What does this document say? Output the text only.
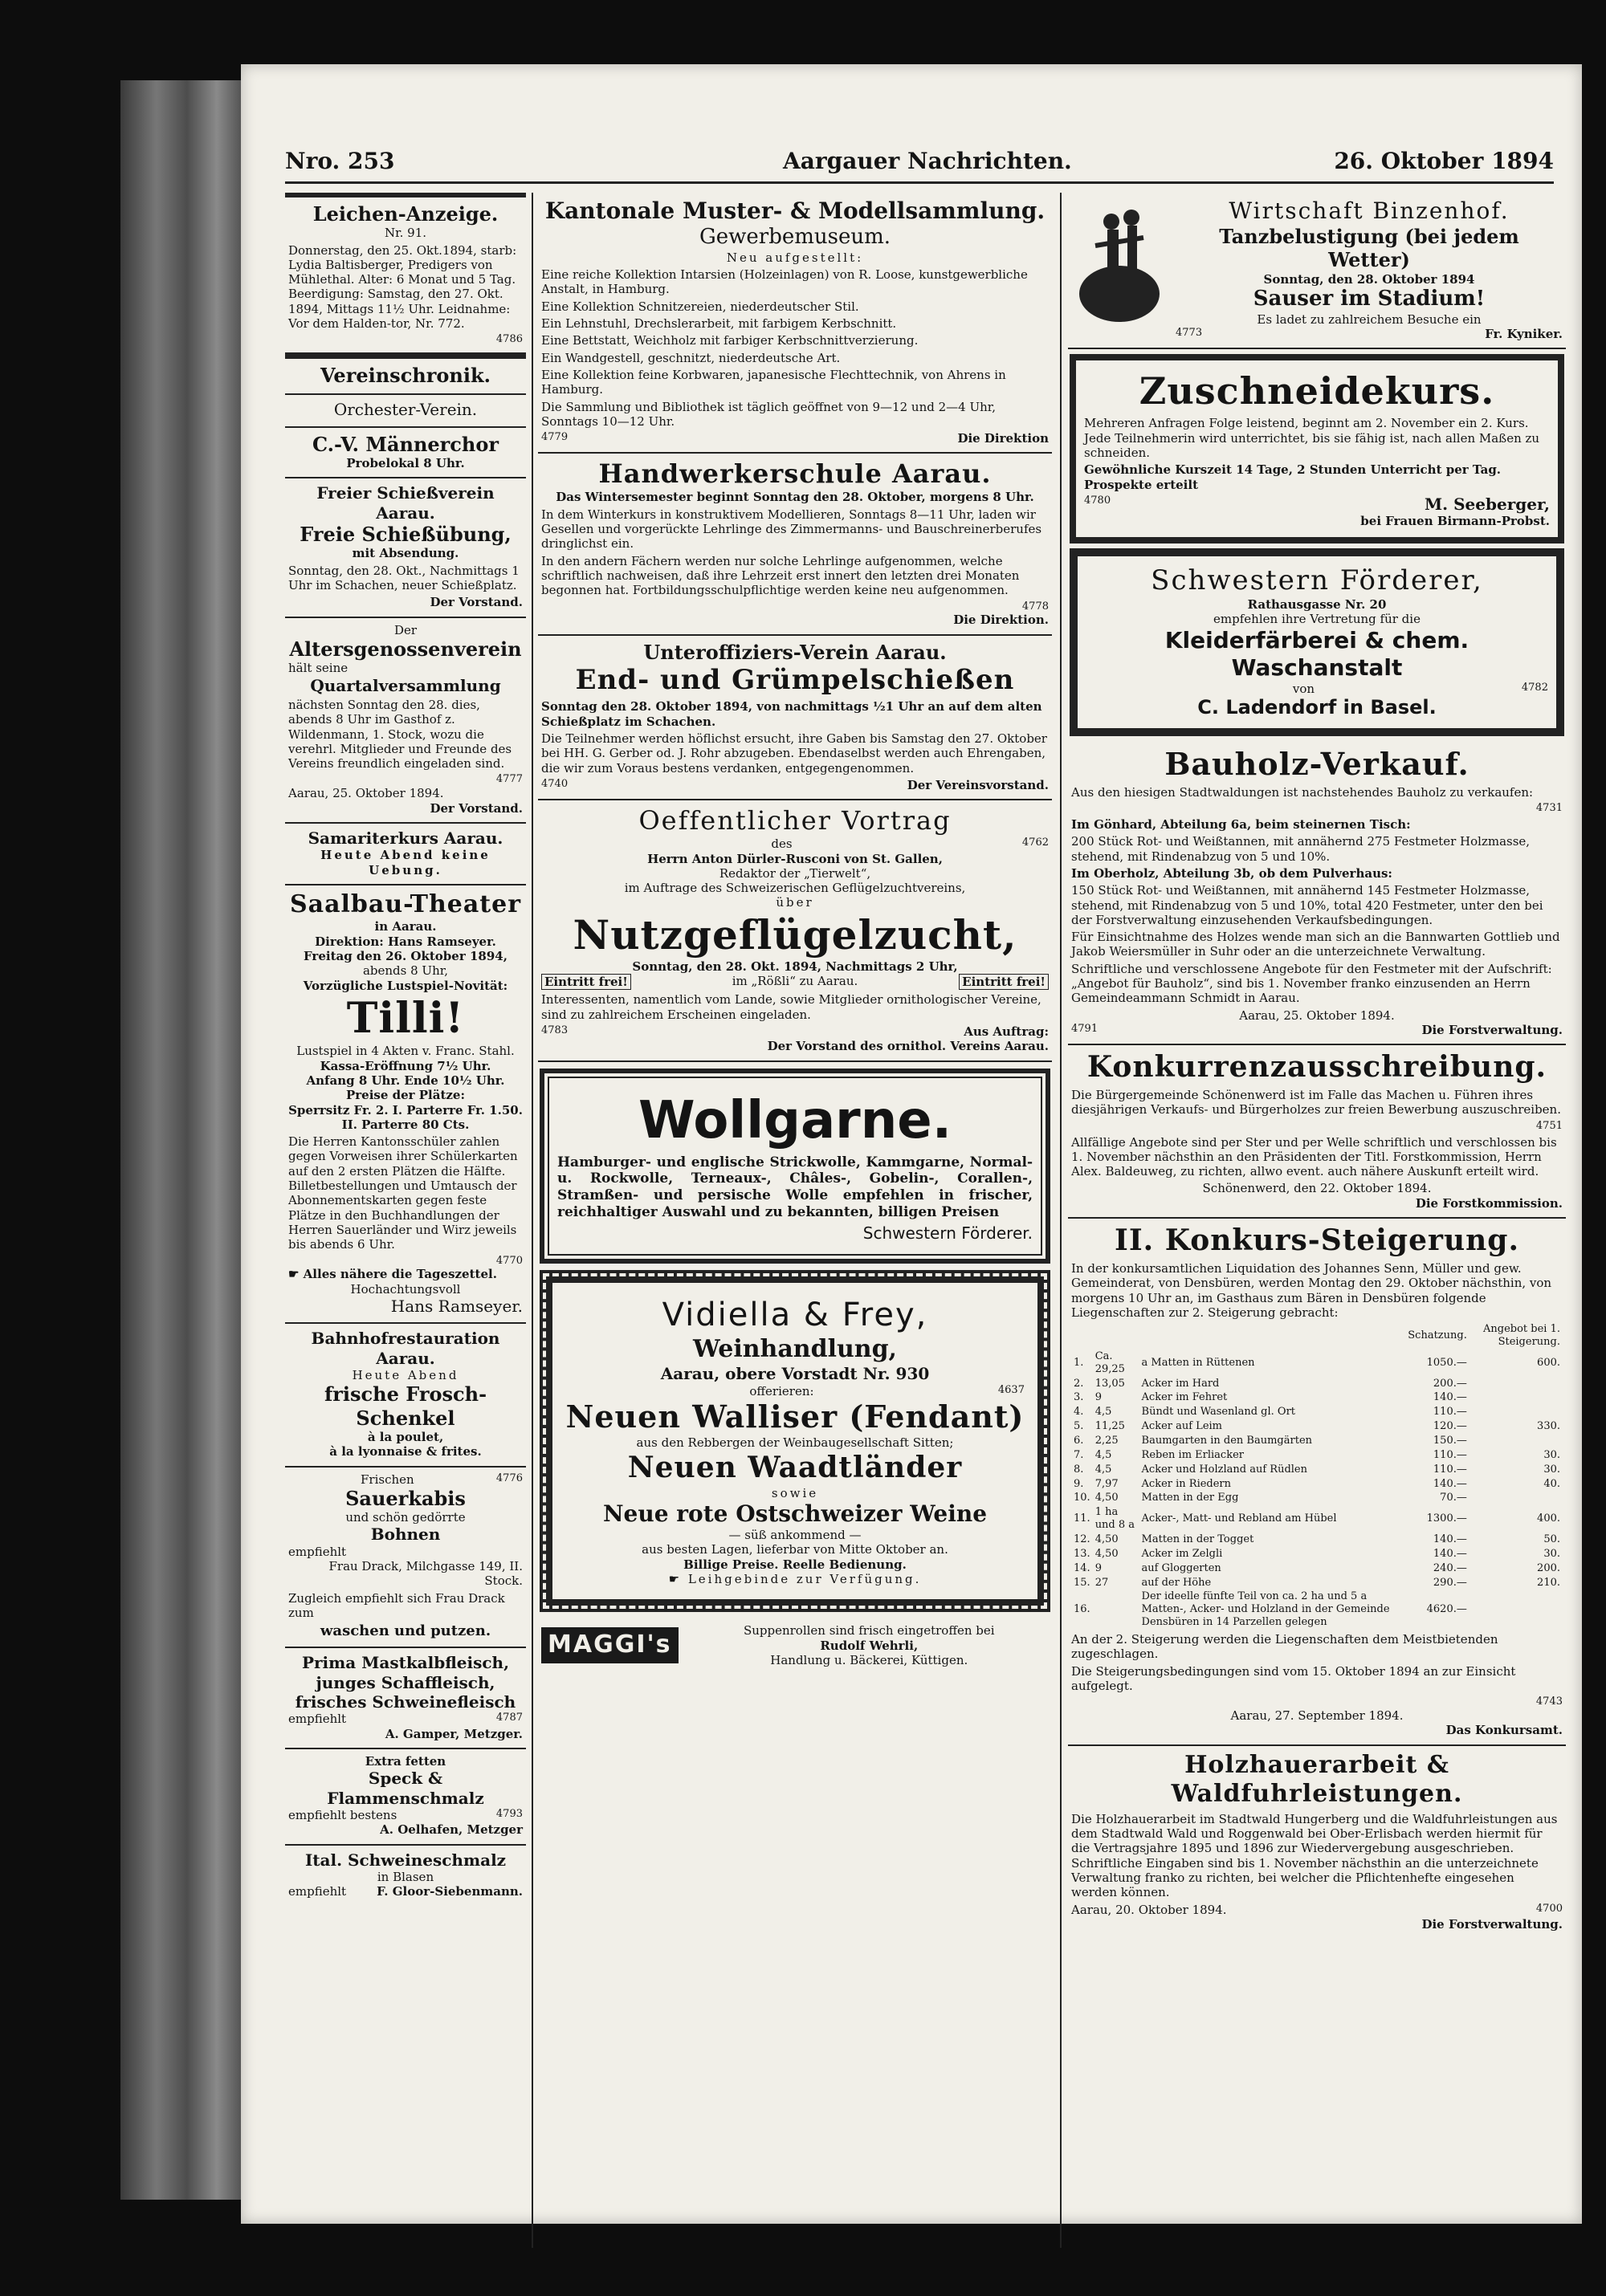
Nro. 253	Aargauer Nachrichten.	26. Oktober 1894
Leichen-Anzeige.
Nr. 91.

Donnerstag, den 25. Okt.1894, starb: Lydia Baltisberger, Predigers von Mühlethal. Alter: 6 Monat und 5 Tag. Beerdigung: Samstag, den 27. Okt. 1894, Mittags 11½ Uhr. Leidnahme: Vor dem Halden-tor, Nr. 772.

4786
Vereinschronik.
Orchester-Verein.
C.-V. Männerchor
Probelokal 8 Uhr.
Freier Schießverein Aarau.
Freie Schießübung,
mit Absendung.

Sonntag, den 28. Okt., Nachmittags 1 Uhr im Schachen, neuer Schießplatz.

Der Vorstand.
Der
Altersgenossenverein
hält seine
Quartalversammlung

nächsten Sonntag den 28. dies, abends 8 Uhr im Gasthof z. Wildenmann, 1. Stock, wozu die verehrl. Mitglieder und Freunde des Vereins freundlich eingeladen sind.

4777
Aarau, 25. Oktober 1894.
Der Vorstand.
Samariterkurs Aarau.
Heute Abend keine Uebung.
Saalbau-Theater
in Aarau.
Direktion: Hans Ramseyer.
Freitag den 26. Oktober 1894,
abends 8 Uhr,
Vorzügliche Lustspiel-Novität:
Tilli!
Lustspiel in 4 Akten v. Franc. Stahl.
Kassa-Eröffnung 7½ Uhr.
Anfang 8 Uhr. Ende 10½ Uhr.
Preise der Plätze:
Sperrsitz Fr. 2. I. Parterre Fr. 1.50.
II. Parterre 80 Cts.

Die Herren Kantonsschüler zahlen gegen Vorweisen ihrer Schülerkarten auf den 2 ersten Plätzen die Hälfte. Billetbestellungen und Umtausch der Abonnementskarten gegen feste Plätze in den Buchhandlungen der Herren Sauerländer und Wirz jeweils bis abends 6 Uhr.

4770
☛ Alles nähere die Tageszettel.
Hochachtungsvoll
Hans Ramseyer.
Bahnhofrestauration Aarau.
Heute Abend
frische Frosch-Schenkel
à la poulet,
à la lyonnaise & frites.
Frischen	4776
Sauerkabis
und schön gedörrte
Bohnen
empfiehlt
Frau Drack, Milchgasse 149, II. Stock.

Zugleich empfiehlt sich Frau Drack zum

waschen und putzen.
Prima Mastkalbfleisch,
junges Schaffleisch,
frisches Schweinefleisch
empfiehlt	4787
A. Gamper, Metzger.
Extra fetten
Speck & Flammenschmalz
empfiehlt bestens	4793
A. Oelhafen, Metzger
Ital. Schweineschmalz
in Blasen
empfiehlt	F. Gloor-Siebenmann.
Kantonale Muster- & Modellsammlung.
Gewerbemuseum.
Neu aufgestellt:

Eine reiche Kollektion Intarsien (Holzeinlagen) von R. Loose, kunstgewerbliche Anstalt, in Hamburg.

Eine Kollektion Schnitzereien, niederdeutscher Stil.

Ein Lehnstuhl, Drechslerarbeit, mit farbigem Kerbschnitt.

Eine Bettstatt, Weichholz mit farbiger Kerbschnittverzierung.

Ein Wandgestell, geschnitzt, niederdeutsche Art.

Eine Kollektion feine Korbwaren, japanesische Flechttechnik, von Ahrens in Hamburg.

Die Sammlung und Bibliothek ist täglich geöffnet von 9—12 und 2—4 Uhr, Sonntags 10—12 Uhr.

4779	Die Direktion
Handwerkerschule Aarau.
Das Wintersemester beginnt Sonntag den 28. Oktober, morgens 8 Uhr.

In dem Winterkurs in konstruktivem Modellieren, Sonntags 8—11 Uhr, laden wir Gesellen und vorgerückte Lehrlinge des Zimmermanns- und Bauschreinerberufes dringlichst ein.

In den andern Fächern werden nur solche Lehrlinge aufgenommen, welche schriftlich nachweisen, daß ihre Lehrzeit erst innert den letzten drei Monaten begonnen hat. Fortbildungsschulpflichtige werden keine neu aufgenommen.

4778
Die Direktion.
Unteroffiziers-Verein Aarau.
End- und Grümpelschießen

Sonntag den 28. Oktober 1894, von nachmittags ½1 Uhr an auf dem alten Schießplatz im Schachen.

Die Teilnehmer werden höflichst ersucht, ihre Gaben bis Samstag den 27. Oktober bei HH. G. Gerber od. J. Rohr abzugeben. Ebendaselbst werden auch Ehrengaben, die wir zum Voraus bestens verdanken, entgegengenommen.

4740	Der Vereinsvorstand.
Oeffentlicher Vortrag
des	4762
Herrn Anton Dürler-Rusconi von St. Gallen,
Redaktor der „Tierwelt“,
im Auftrage des Schweizerischen Geflügelzuchtvereins,
über
Nutzgeflügelzucht,
Sonntag, den 28. Okt. 1894, Nachmittags 2 Uhr,
Eintritt frei!	im „Rößli“ zu Aarau.	Eintritt frei!

Interessenten, namentlich vom Lande, sowie Mitglieder ornithologischer Vereine, sind zu zahlreichem Erscheinen eingeladen.

4783	Aus Auftrag:
Der Vorstand des ornithol. Vereins Aarau.
Wollgarne.

Hamburger- und englische Strickwolle, Kammgarne, Normal- u. Rockwolle, Terneaux-, Châles-, Gobelin-, Corallen-, Stramßen- und persische Wolle empfehlen in frischer, reichhaltiger Auswahl und zu bekannten, billigen Preisen

Schwestern Förderer.
Vidiella & Frey,
Weinhandlung,
Aarau, obere Vorstadt Nr. 930
offerieren:	4637
Neuen Walliser (Fendant)
aus den Rebbergen der Weinbaugesellschaft Sitten;
Neuen Waadtländer
sowie
Neue rote Ostschweizer Weine
— süß ankommend —
aus besten Lagen, lieferbar von Mitte Oktober an.
Billige Preise. Reelle Bedienung.
☛ Leihgebinde zur Verfügung.
MAGGI's
Suppenrollen sind frisch eingetroffen bei
Rudolf Wehrli,
Handlung u. Bäckerei, Küttigen.
Wirtschaft Binzenhof.
Tanzbelustigung (bei jedem Wetter)
Sonntag, den 28. Oktober 1894
Sauser im Stadium!
Es ladet zu zahlreichem Besuche ein
4773	Fr. Kyniker.
Zuschneidekurs.

Mehreren Anfragen Folge leistend, beginnt am 2. November ein 2. Kurs. Jede Teilnehmerin wird unterrichtet, bis sie fähig ist, nach allen Maßen zu schneiden.

Gewöhnliche Kurszeit 14 Tage, 2 Stunden Unterricht per Tag. Prospekte erteilt

4780	M. Seeberger,
bei Frauen Birmann-Probst.
Schwestern Förderer,
Rathausgasse Nr. 20
empfehlen ihre Vertretung für die
Kleiderfärberei & chem. Waschanstalt
von	4782
C. Ladendorf in Basel.
Bauholz-Verkauf.

Aus den hiesigen Stadtwaldungen ist nachstehendes Bauholz zu verkaufen:

4731

Im Gönhard, Abteilung 6a, beim steinernen Tisch:

200 Stück Rot- und Weißtannen, mit annähernd 275 Festmeter Holzmasse, stehend, mit Rindenabzug von 5 und 10%.

Im Oberholz, Abteilung 3b, ob dem Pulverhaus:

150 Stück Rot- und Weißtannen, mit annähernd 145 Festmeter Holzmasse, stehend, mit Rindenabzug von 5 und 10%, total 420 Festmeter, unter den bei der Forstverwaltung einzusehenden Verkaufsbedingungen.

Für Einsichtnahme des Holzes wende man sich an die Bannwarten Gottlieb und Jakob Weiersmüller in Suhr oder an die unterzeichnete Verwaltung.

Schriftliche und verschlossene Angebote für den Festmeter mit der Aufschrift: „Angebot für Bauholz“, sind bis 1. November franko einzusenden an Herrn Gemeindeammann Schmidt in Aarau.

Aarau, 25. Oktober 1894.
4791	Die Forstverwaltung.
Konkurrenzausschreibung.

Die Bürgergemeinde Schönenwerd ist im Falle das Machen u. Führen ihres diesjährigen Verkaufs- und Bürgerholzes zur freien Bewerbung auszuschreiben.

4751

Allfällige Angebote sind per Ster und per Welle schriftlich und verschlossen bis 1. November nächsthin an den Präsidenten der Titl. Forstkommission, Herrn Alex. Baldeuweg, zu richten, allwo event. auch nähere Auskunft erteilt wird.

Schönenwerd, den 22. Oktober 1894.
Die Forstkommission.
II. Konkurs-Steigerung.

In der konkursamtlichen Liquidation des Johannes Senn, Müller und gew. Gemeinderat, von Densbüren, werden Montag den 29. Oktober nächsthin, von morgens 10 Uhr an, im Gasthaus zum Bären in Densbüren folgende Liegenschaften zur 2. Steigerung gebracht:

			Schatzung.	Angebot bei 1. Steigerung.
1.	Ca. 29,25	a Matten in Rüttenen	1050.—	600.
2.	13,05	Acker im Hard	200.—	
3.	9	Acker im Fehret	140.—	
4.	4,5	Bündt und Wasenland gl. Ort	110.—	
5.	11,25	Acker auf Leim	120.—	330.
6.	2,25	Baumgarten in den Baumgärten	150.—	
7.	4,5	Reben im Erliacker	110.—	30.
8.	4,5	Acker und Holzland auf Rüdlen	110.—	30.
9.	7,97	Acker in Riedern	140.—	40.
10.	4,50	Matten in der Egg	70.—	
11.	1 ha und 8 a	Acker-, Matt- und Rebland am Hübel	1300.—	400.
12.	4,50	Matten in der Togget	140.—	50.
13.	4,50	Acker im Zelgli	140.—	30.
14.	9	auf Gloggerten	240.—	200.
15.	27	auf der Höhe	290.—	210.
16.		Der ideelle fünfte Teil von ca. 2 ha und 5 a Matten-, Acker- und Holzland in der Gemeinde Densbüren in 14 Parzellen gelegen	4620.—	

An der 2. Steigerung werden die Liegenschaften dem Meistbietenden zugeschlagen.

Die Steigerungsbedingungen sind vom 15. Oktober 1894 an zur Einsicht aufgelegt.

4743
Aarau, 27. September 1894.
Das Konkursamt.
Holzhauerarbeit & Waldfuhrleistungen.

Die Holzhauerarbeit im Stadtwald Hungerberg und die Waldfuhrleistungen aus dem Stadtwald Wald und Roggenwald bei Ober-Erlisbach werden hiermit für die Vertragsjahre 1895 und 1896 zur Wiedervergebung ausgeschrieben. Schriftliche Eingaben sind bis 1. November nächsthin an die unterzeichnete Verwaltung franko zu richten, bei welcher die Pflichtenhefte eingesehen werden können.

Aarau, 20. Oktober 1894.	4700
Die Forstverwaltung.
